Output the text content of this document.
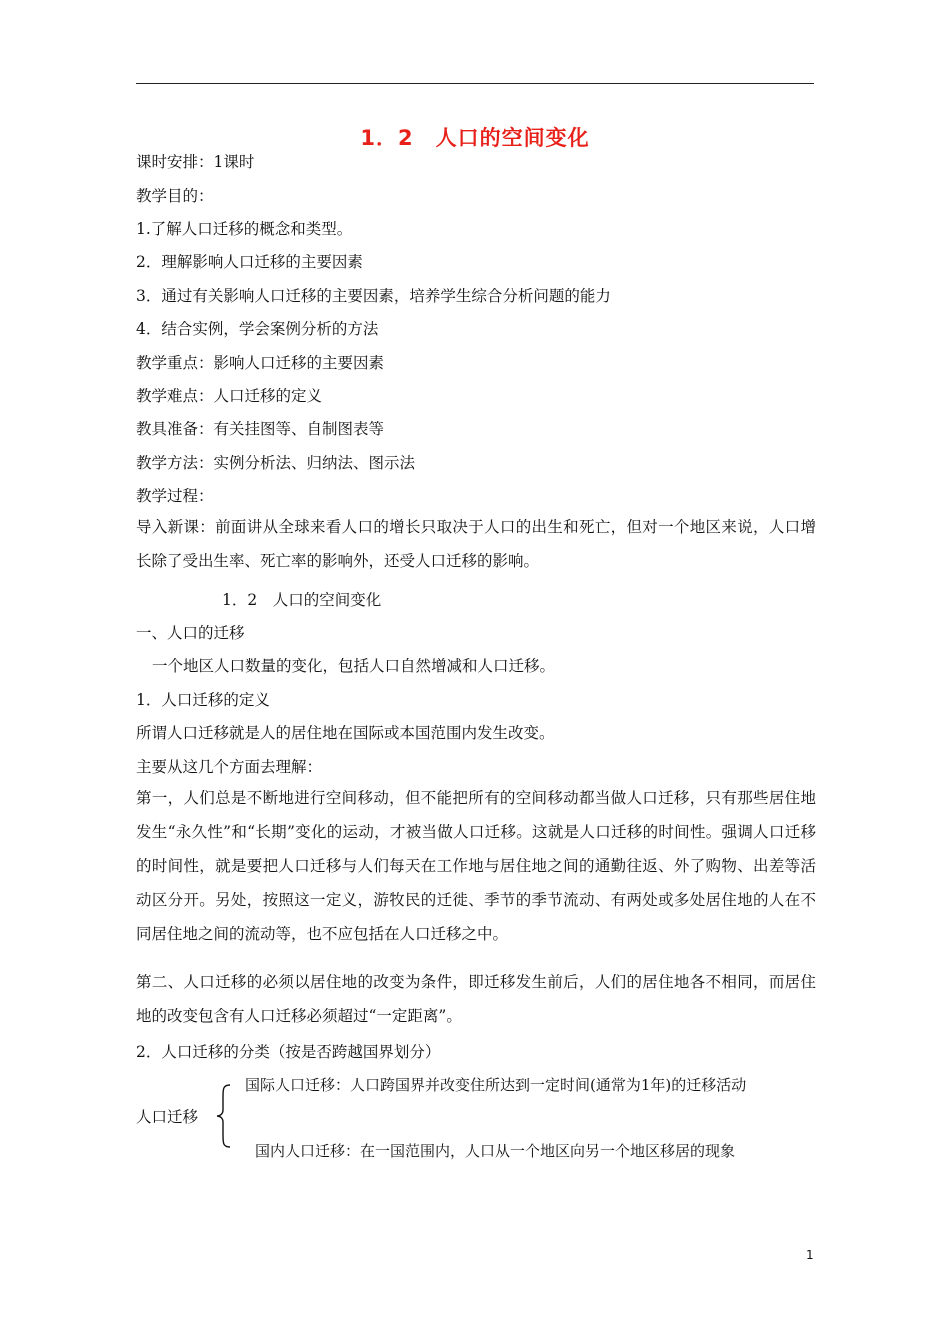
1．2　人口的空间变化
课时安排：1课时
教学目的：
1.了解人口迁移的概念和类型。
2．理解影响人口迁移的主要因素
3．通过有关影响人口迁移的主要因素，培养学生综合分析问题的能力
4．结合实例，学会案例分析的方法
教学重点：影响人口迁移的主要因素
教学难点：人口迁移的定义
教具准备：有关挂图等、自制图表等
教学方法：实例分析法、归纳法、图示法
教学过程：
导入新课：前面讲从全球来看人口的增长只取决于人口的出生和死亡，但对一个地区来说，人口增长除了受出生率、死亡率的影响外，还受人口迁移的影响。
1．2　人口的空间变化
一、人口的迁移
一个地区人口数量的变化，包括人口自然增减和人口迁移。
1．人口迁移的定义
所谓人口迁移就是人的居住地在国际或本国范围内发生改变。
主要从这几个方面去理解：
第一，人们总是不断地进行空间移动，但不能把所有的空间移动都当做人口迁移，只有那些居住地发生“永久性”和“长期”变化的运动，才被当做人口迁移。这就是人口迁移的时间性。强调人口迁移的时间性，就是要把人口迁移与人们每天在工作地与居住地之间的通勤往返、外了购物、出差等活动区分开。另处，按照这一定义，游牧民的迁徙、季节的季节流动、有两处或多处居住地的人在不同居住地之间的流动等，也不应包括在人口迁移之中。
第二、人口迁移的必须以居住地的改变为条件，即迁移发生前后，人们的居住地各不相同，而居住地的改变包含有人口迁移必须超过“一定距离”。
2．人口迁移的分类（按是否跨越国界划分）
人口迁移
国际人口迁移：人口跨国界并改变住所达到一定时间(通常为1年)的迁移活动
国内人口迁移：在一国范围内，人口从一个地区向另一个地区移居的现象
1
